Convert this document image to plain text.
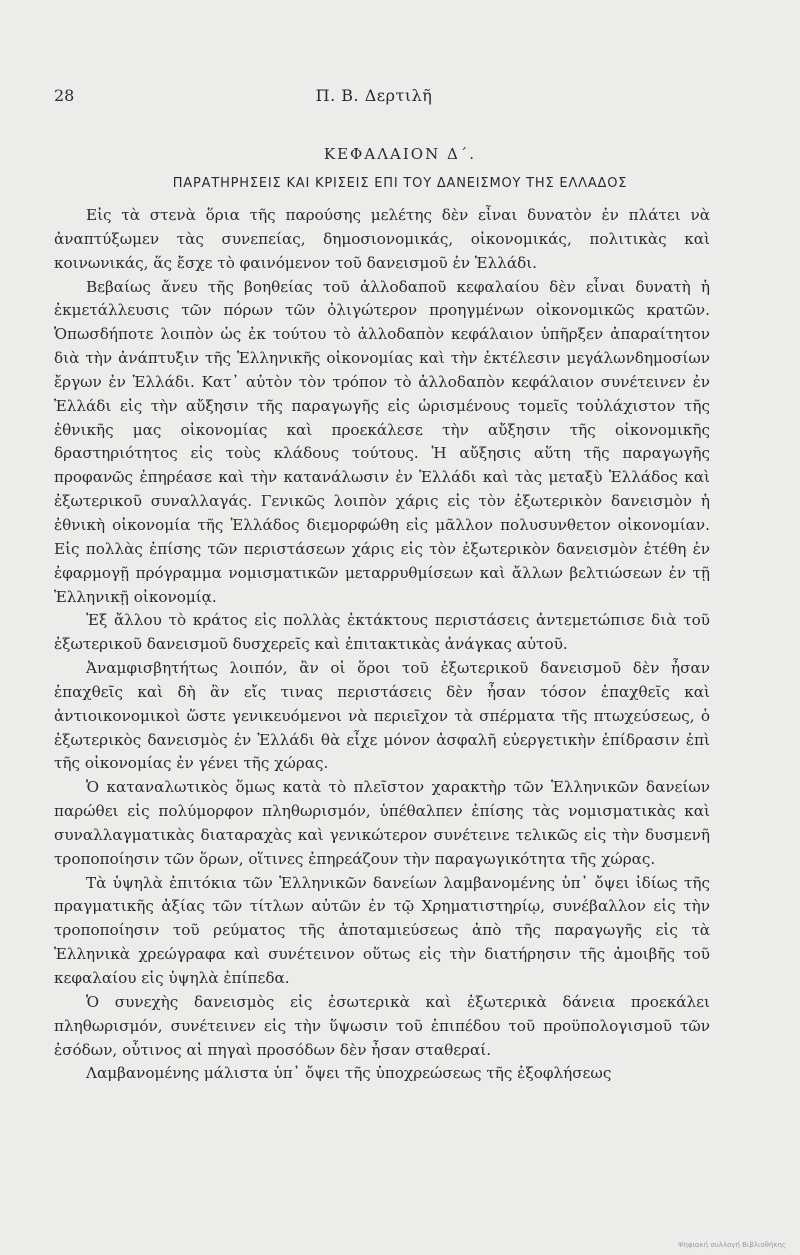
28	Π. Β. Δερτιλῆ
ΚΕΦΑΛΑΙΟΝ Δ΄.
ΠΑΡΑΤΗΡΗΣΕΙΣ ΚΑΙ ΚΡΙΣΕΙΣ ΕΠΙ ΤΟΥ ΔΑΝΕΙΣΜΟΥ ΤΗΣ ΕΛΛΑΔΟΣ

Εἰς τὰ στενὰ ὅρια τῆς παρούσης μελέτης δὲν εἶναι δυνατὸν ἐν πλάτει νὰ ἀναπτύξωμεν τὰς συνεπείας, δημοσιονομικάς, οἰκονομικάς, πολιτικὰς καὶ κοινωνικάς, ἅς ἔσχε τὸ φαινόμενον τοῦ δανεισμοῦ ἐν Ἑλλάδι.

Βεβαίως ἄνευ τῆς βοηθείας τοῦ ἀλλοδαποῦ κεφαλαίου δὲν εἶναι δυνατὴ ἡ ἐκμετάλλευσις τῶν πόρων τῶν ὀλιγώτερον προηγμένων οἰκονομικῶς κρατῶν. Ὁπωσδήποτε λοιπὸν ὡς ἐκ τούτου τὸ ἀλλοδαπὸν κεφάλαιον ὑπῆρξεν ἀπαραίτητον διὰ τὴν ἀνάπτυξιν τῆς Ἑλληνικῆς οἰκονομίας καὶ τὴν ἐκτέλεσιν μεγάλωνδημοσίων ἔργων ἐν Ἑλλάδι. Κατ᾽ αὐτὸν τὸν τρόπον τὸ ἀλλοδαπὸν κεφάλαιον συνέτεινεν ἐν Ἑλλάδι εἰς τὴν αὔξησιν τῆς παραγωγῆς εἰς ὡρισμένους τομεῖς τοὐλάχιστον τῆς ἐθνικῆς μας οἰκονομίας καὶ προεκάλεσε τὴν αὔξησιν τῆς οἰκονομικῆς δραστηριότητος εἰς τοὺς κλάδους τούτους. Ἡ αὔξησις αὕτη τῆς παραγωγῆς προφανῶς ἐπηρέασε καὶ τὴν κατανάλωσιν ἐν Ἑλλάδι καὶ τὰς μεταξὺ Ἑλλάδος καὶ ἐξωτερικοῦ συναλλαγάς. Γενικῶς λοιπὸν χάρις εἰς τὸν ἐξωτερικὸν δανεισμὸν ἡ ἐθνικὴ οἰκονομία τῆς Ἑλλάδος διεμορφώθη εἰς μᾶλλον πολυσυνθετον οἰκονομίαν. Εἰς πολλὰς ἐπίσης τῶν περιστάσεων χάρις εἰς τὸν ἐξωτερικὸν δανεισμὸν ἐτέθη ἐν ἐφαρμογῇ πρόγραμμα νομισματικῶν μεταρρυθμίσεων καὶ ἄλλων βελτιώσεων ἐν τῇ Ἑλληνικῇ οἰκονομίᾳ.

Ἐξ ἄλλου τὸ κράτος εἰς πολλὰς ἐκτάκτους περιστάσεις ἀντεμετώπισε διὰ τοῦ ἐξωτερικοῦ δανεισμοῦ δυσχερεῖς καὶ ἐπιτακτικὰς ἀνάγκας αὐτοῦ.

Ἀναμφισβητήτως λοιπόν, ἂν οἱ ὅροι τοῦ ἐξωτερικοῦ δανεισμοῦ δὲν ἦσαν ἐπαχθεῖς καὶ δὴ ἂν εἴς τινας περιστάσεις δὲν ἦσαν τόσον ἐπαχθεῖς καὶ ἀντιοικονομικοὶ ὥστε γενικευόμενοι νὰ περιεῖχον τὰ σπέρματα τῆς πτωχεύσεως, ὁ ἐξωτερικὸς δανεισμὸς ἐν Ἑλλάδι θὰ εἶχε μόνον ἀσφαλῆ εὐεργετικὴν ἐπίδρασιν ἐπὶ τῆς οἰκονομίας ἐν γένει τῆς χώρας.

Ὁ καταναλωτικὸς ὅμως κατὰ τὸ πλεῖστον χαρακτὴρ τῶν Ἑλληνικῶν δανείων παρώθει εἰς πολύμορφον πληθωρισμόν, ὑπέθαλπεν ἐπίσης τὰς νομισματικὰς καὶ συναλλαγματικὰς διαταραχὰς καὶ γενικώτερον συνέτεινε τελικῶς εἰς τὴν δυσμενῆ τροποποίησιν τῶν ὅρων, οἵτινες ἐπηρεάζουν τὴν παραγωγικότητα τῆς χώρας.

Τὰ ὑψηλὰ ἐπιτόκια τῶν Ἑλληνικῶν δανείων λαμβανομένης ὑπ᾽ ὄψει ἰδίως τῆς πραγματικῆς ἀξίας τῶν τίτλων αὐτῶν ἐν τῷ Χρηματιστηρίῳ, συνέβαλλον εἰς τὴν τροποποίησιν τοῦ ρεύματος τῆς ἀποταμιεύσεως ἀπὸ τῆς παραγωγῆς εἰς τὰ Ἑλληνικὰ χρεώγραφα καὶ συνέτεινον οὕτως εἰς τὴν διατήρησιν τῆς ἀμοιβῆς τοῦ κεφαλαίου εἰς ὑψηλὰ ἐπίπεδα.

Ὁ συνεχὴς δανεισμὸς εἰς ἐσωτερικὰ καὶ ἐξωτερικὰ δάνεια προεκάλει πληθωρισμόν, συνέτεινεν εἰς τὴν ὕψωσιν τοῦ ἐπιπέδου τοῦ προϋπολογισμοῦ τῶν ἐσόδων, οὗτινος αἱ πηγαὶ προσόδων δὲν ἦσαν σταθεραί.

Λαμβανομένης μάλιστα ὑπ᾽ ὄψει τῆς ὑποχρεώσεως τῆς ἐξοφλήσεως

Ψηφιακή συλλογή Βιβλιοθήκης
